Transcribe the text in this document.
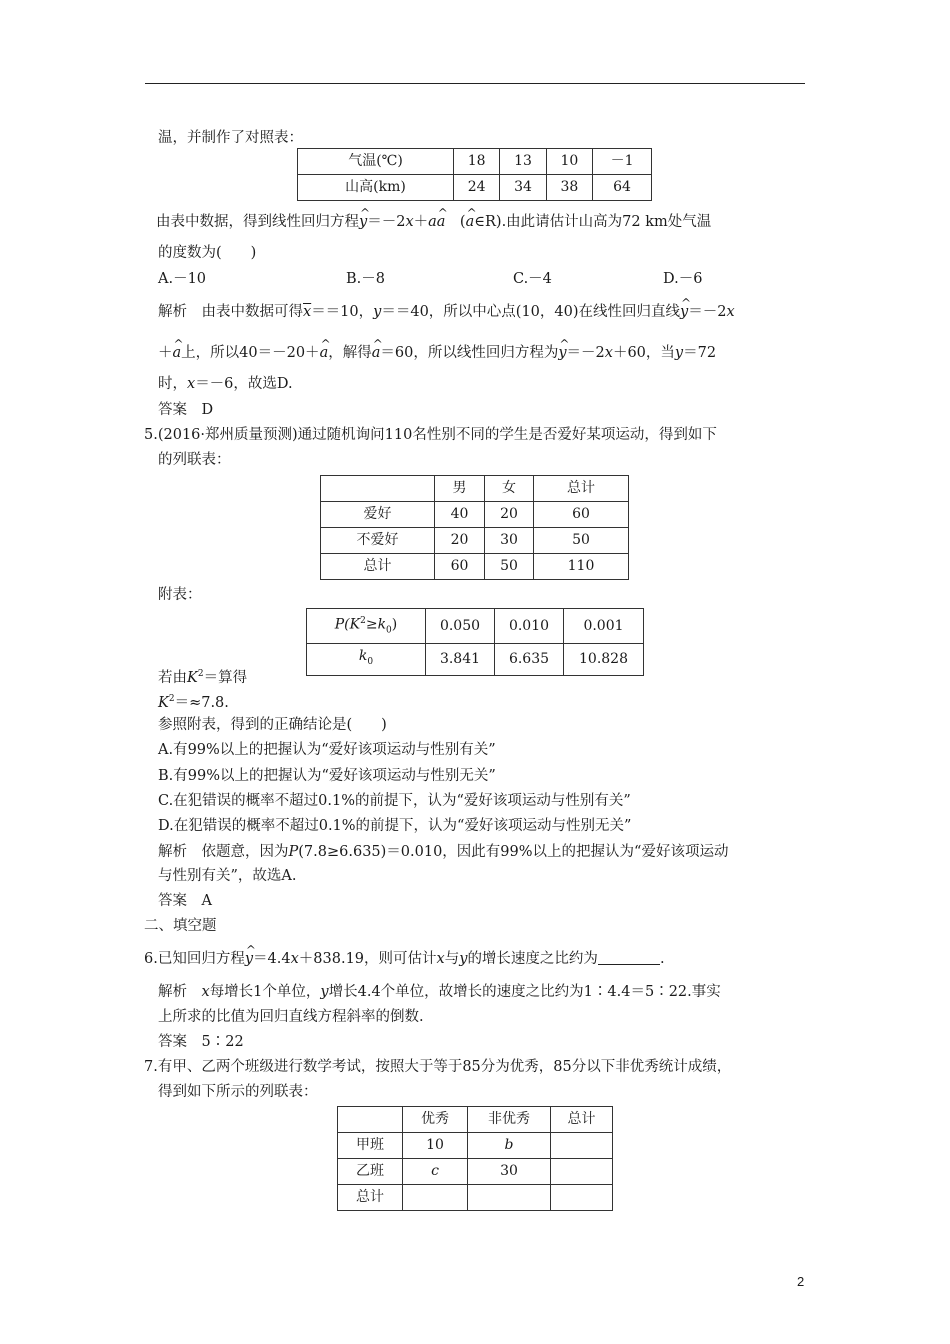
温，并制作了对照表：
气温(℃)	18	13	10	－1
山高(km)	24	34	38	64
由表中数据，得到线性回归方程^ y＝－2x＋a^ a　(^ a∈R).由此请估计山高为72 km处气温
的度数为(　　)
A.－10	B.－8	C.－4	D.－6
解析　由表中数据可得$\overline{x}==10$，y＝＝40，所以中心点(10，40)在线性回归直线^ y＝－2x
＋^ a上，所以40＝－20＋^ a，解得^ a＝60，所以线性回归方程为^ y＝－2x＋60，当y＝72
时，x＝－6，故选D.
答案　D
5.(2016·郑州质量预测)通过随机询问110名性别不同的学生是否爱好某项运动，得到如下
的列联表：
	男	女	总计
爱好	40	20	60
不爱好	20	30	50
总计	60	50	110
附表：
$P(K^2\ge k_0)$	0.050	0.010	0.001
$k_0$	3.841	6.635	10.828
若由$K^2=$算得
$K^2=\approx 7.8$.
参照附表，得到的正确结论是(　　)
A.有99%以上的把握认为“爱好该项运动与性别有关”
B.有99%以上的把握认为“爱好该项运动与性别无关”
C.在犯错误的概率不超过0.1%的前提下，认为“爱好该项运动与性别有关”
D.在犯错误的概率不超过0.1%的前提下，认为“爱好该项运动与性别无关”
解析　依题意，因为P(7.8≥6.635)＝0.010，因此有99%以上的把握认为“爱好该项运动
与性别有关”，故选A.
答案　A
二、填空题
6.已知回归方程^ y＝4.4x＋838.19，则可估计x与y的增长速度之比约为	.
解析　x每增长1个单位，y增长4.4个单位，故增长的速度之比约为1∶4.4＝5∶22.事实
上所求的比值为回归直线方程斜率的倒数.
答案　5∶22
7.有甲、乙两个班级进行数学考试，按照大于等于85分为优秀，85分以下非优秀统计成绩，
得到如下所示的列联表：
	优秀	非优秀	总计
甲班	10	b	
乙班	c	30	
总计			
2
